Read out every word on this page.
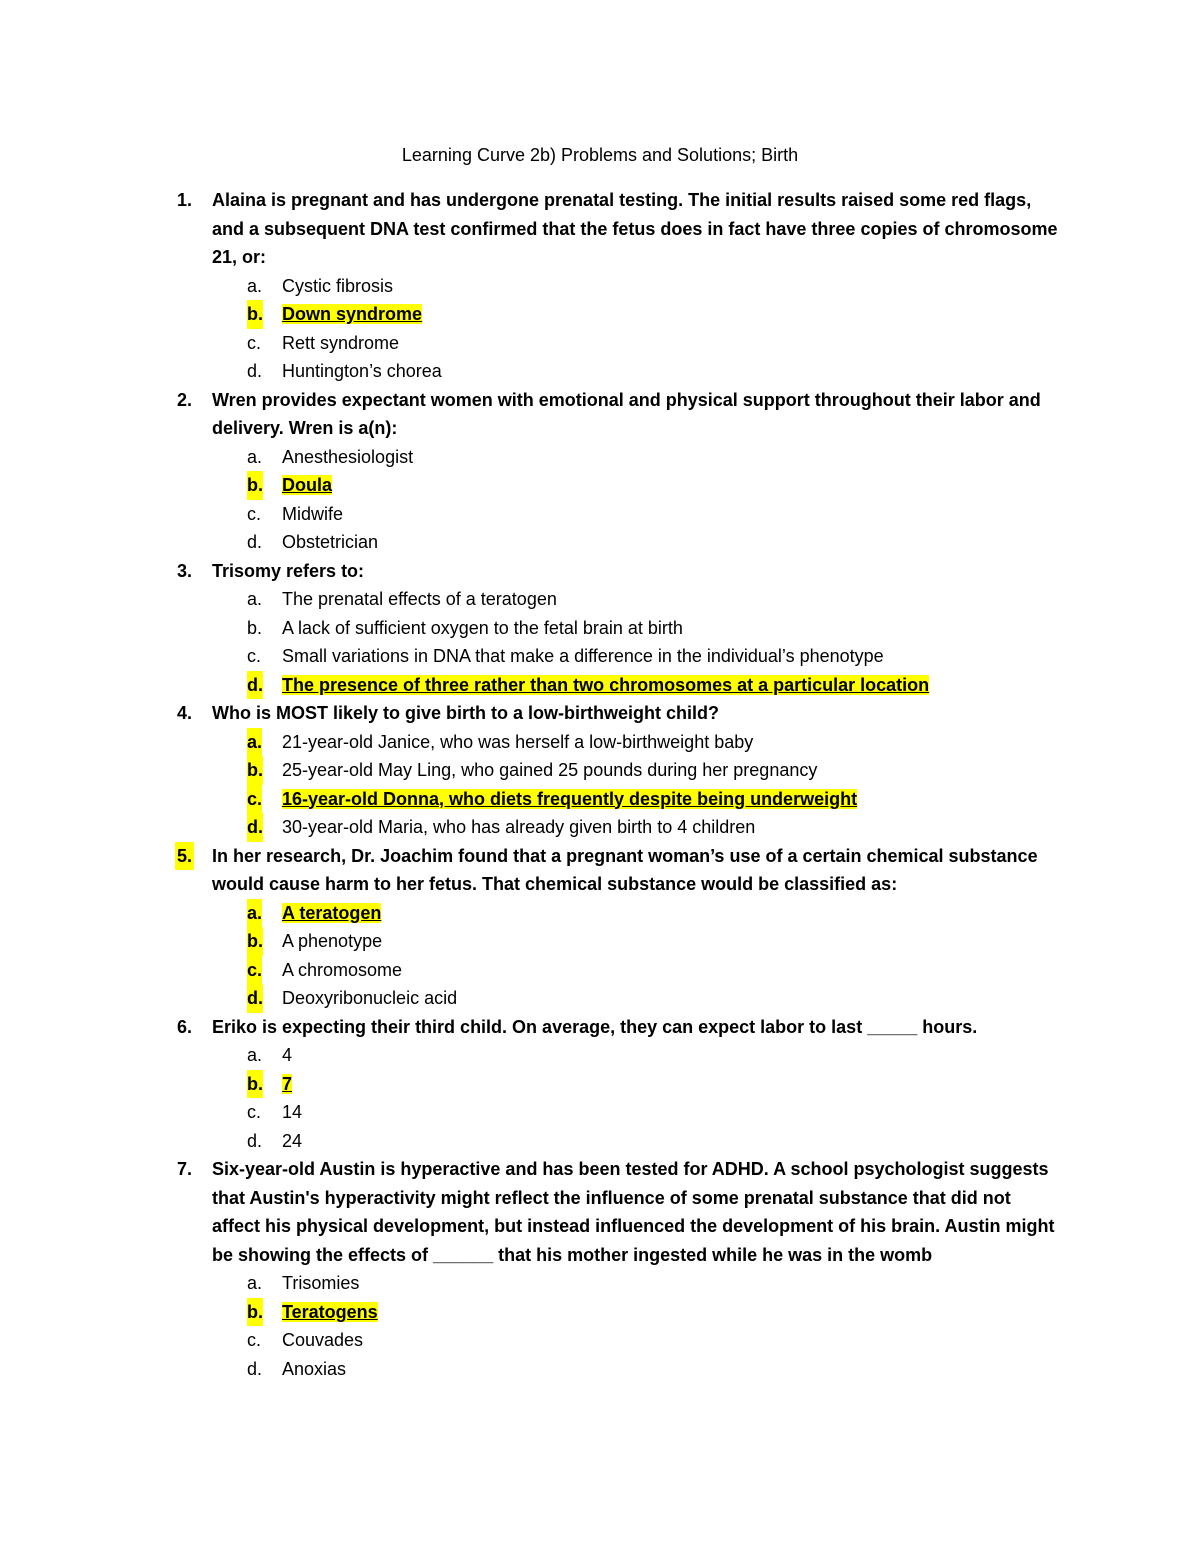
Learning Curve 2b) Problems and Solutions; Birth
1. Alaina is pregnant and has undergone prenatal testing. The initial results raised some red flags, and a subsequent DNA test confirmed that the fetus does in fact have three copies of chromosome 21, or:
a. Cystic fibrosis
b. Down syndrome
c. Rett syndrome
d. Huntington’s chorea
2. Wren provides expectant women with emotional and physical support throughout their labor and delivery. Wren is a(n):
a. Anesthesiologist
b. Doula
c. Midwife
d. Obstetrician
3. Trisomy refers to:
a. The prenatal effects of a teratogen
b. A lack of sufficient oxygen to the fetal brain at birth
c. Small variations in DNA that make a difference in the individual’s phenotype
d. The presence of three rather than two chromosomes at a particular location
4. Who is MOST likely to give birth to a low-birthweight child?
a. 21-year-old Janice, who was herself a low-birthweight baby
b. 25-year-old May Ling, who gained 25 pounds during her pregnancy
c. 16-year-old Donna, who diets frequently despite being underweight
d. 30-year-old Maria, who has already given birth to 4 children
5. In her research, Dr. Joachim found that a pregnant woman’s use of a certain chemical substance would cause harm to her fetus. That chemical substance would be classified as:
a. A teratogen
b. A phenotype
c. A chromosome
d. Deoxyribonucleic acid
6. Eriko is expecting their third child. On average, they can expect labor to last _____ hours.
a. 4
b. 7
c. 14
d. 24
7. Six-year-old Austin is hyperactive and has been tested for ADHD. A school psychologist suggests that Austin's hyperactivity might reflect the influence of some prenatal substance that did not affect his physical development, but instead influenced the development of his brain. Austin might be showing the effects of ______ that his mother ingested while he was in the womb
a. Trisomies
b. Teratogens
c. Couvades
d. Anoxias
